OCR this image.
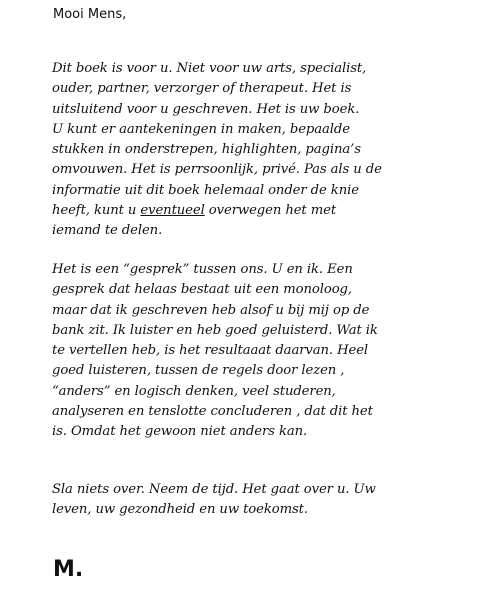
Mooi Mens,
Dit boek is voor u. Niet voor uw arts, specialist,
ouder, partner, verzorger of therapeut. Het is
uitsluitend voor u geschreven. Het is uw boek.
U kunt er aantekeningen in maken, bepaalde
stukken in onderstrepen, highlighten, pagina’s
omvouwen. Het is perrsoonlijk, privé. Pas als u de
informatie uit dit boek helemaal onder de knie
heeft, kunt u eventueel overwegen het met
iemand te delen.
Het is een “gesprek” tussen ons. U en ik. Een
gesprek dat helaas bestaat uit een monoloog,
maar dat ik geschreven heb alsof u bij mij op de
bank zit. Ik luister en heb goed geluisterd. Wat ik
te vertellen heb, is het resultaaat daarvan. Heel
goed luisteren, tussen de regels door lezen ,
“anders” en logisch denken, veel studeren,
analyseren en tenslotte concluderen , dat dit het
is. Omdat het gewoon niet anders kan.
Sla niets over. Neem de tijd. Het gaat over u. Uw
leven, uw gezondheid en uw toekomst.
M.
